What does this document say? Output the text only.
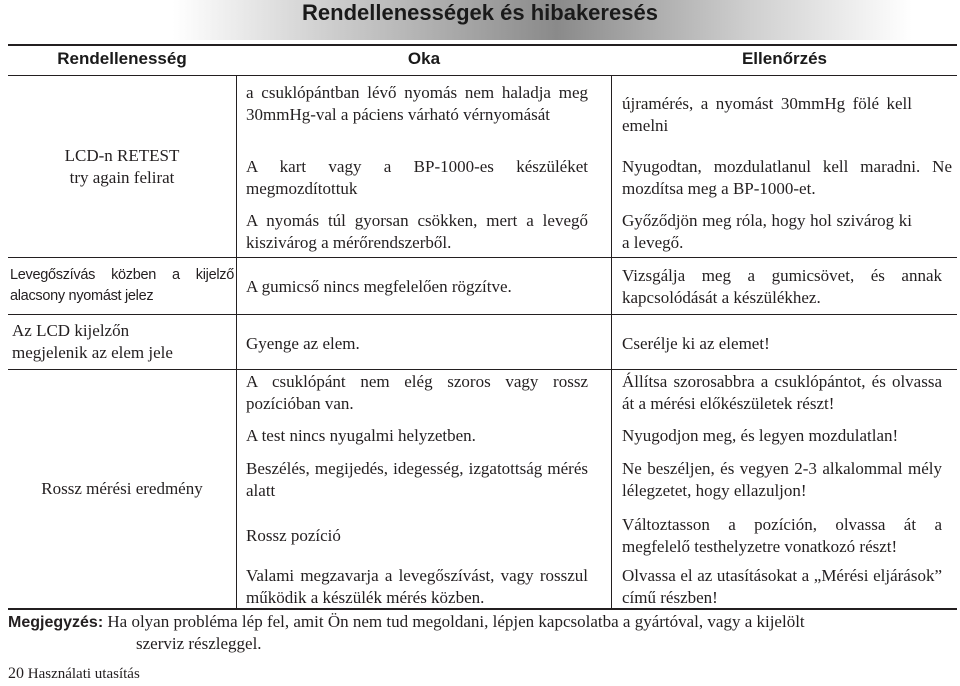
Rendellenességek és hibakeresés
Rendellenesség	Oka	Ellenőrzés
LCD-n RETEST try again felirat
Levegőszívás közben a kijelző alacsony nyomást jelez
Az LCD kijelzőn megjelenik az elem jele
Rossz mérési eredmény
a csuklópántban lévő nyomás nem haladja meg 30mmHg-val a páciens várható vérnyomását
A kart vagy a BP-1000-es készüléket megmozdítottuk
A nyomás túl gyorsan csökken, mert a levegő kiszivárog a mérőrendszerből.
A gumicső nincs megfelelően rögzítve.
Gyenge az elem.
A csuklópánt nem elég szoros vagy rossz pozícióban van.
A test nincs nyugalmi helyzetben.
Beszélés, megijedés, idegesség, izgatottság mérés alatt
Rossz pozíció
Valami megzavarja a levegőszívást, vagy rosszul működik a készülék mérés közben.
újramérés, a nyomást 30mmHg fölé kell emelni
Nyugodtan, mozdulatlanul kell maradni. Ne mozdítsa meg a BP-1000-et.
Győződjön meg róla, hogy hol szivárog ki a levegő.
Vizsgálja meg a gumicsövet, és annak kapcsolódását a készülékhez.
Cserélje ki az elemet!
Állítsa szorosabbra a csuklópántot, és olvassa át a mérési előkészületek részt!
Nyugodjon meg, és legyen mozdulatlan!
Ne beszéljen, és vegyen 2-3 alkalommal mély lélegzetet, hogy ellazuljon!
Változtasson a pozíción, olvassa át a megfelelő testhelyzetre vonatkozó részt!
Olvassa el az utasításokat a „Mérési eljárások” című részben!
Megjegyzés: Ha olyan probléma lép fel, amit Ön nem tud megoldani, lépjen kapcsolatba a gyártóval, vagy a kijelölt
szerviz részleggel.
20 Használati utasítás
